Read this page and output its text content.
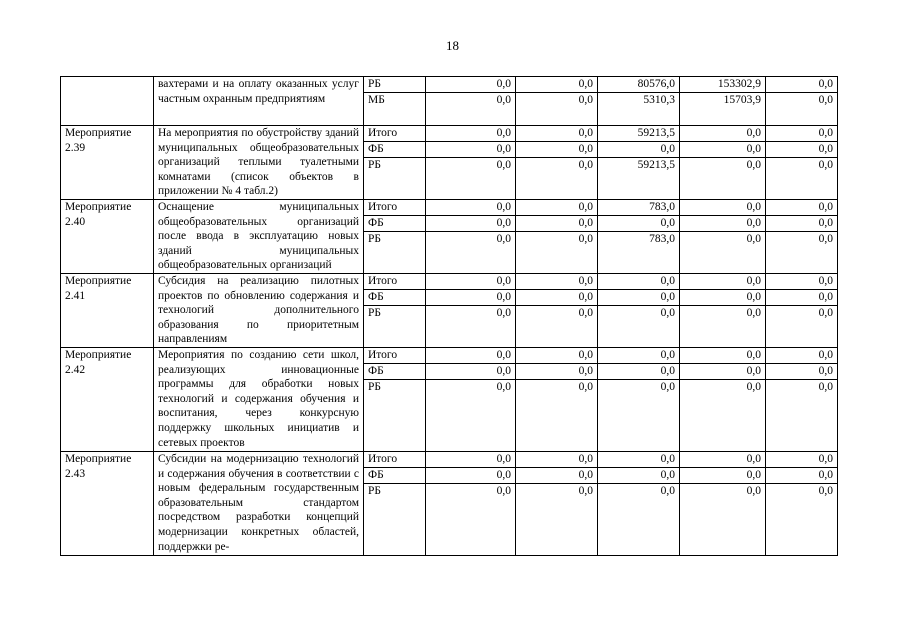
18
	вахтерами и на оплату оказанных услуг частным охранным предприятиям	РБ	0,0	0,0	80576,0	153302,9	0,0
		МБ	0,0	0,0	5310,3	15703,9	0,0
Мероприятие 2.39	На мероприятия по обустройству зданий муниципальных общеобразовательных организаций теплыми туалетными комнатами (список объектов в приложении № 4 табл.2)	Итого	0,0	0,0	59213,5	0,0	0,0
		ФБ	0,0	0,0	0,0	0,0	0,0
		РБ	0,0	0,0	59213,5	0,0	0,0
Мероприятие 2.40	Оснащение муниципальных общеобразовательных организаций после ввода в эксплуатацию новых зданий муниципальных общеобразовательных организаций	Итого	0,0	0,0	783,0	0,0	0,0
		ФБ	0,0	0,0	0,0	0,0	0,0
		РБ	0,0	0,0	783,0	0,0	0,0
Мероприятие 2.41	Субсидия на реализацию пилотных проектов по обновлению содержания и технологий дополнительного образования по приоритетным направлениям	Итого	0,0	0,0	0,0	0,0	0,0
		ФБ	0,0	0,0	0,0	0,0	0,0
		РБ	0,0	0,0	0,0	0,0	0,0
Мероприятие 2.42	Мероприятия по созданию сети школ, реализующих инновационные программы для обработки новых технологий и содержания обучения и воспитания, через конкурсную поддержку школьных инициатив и сетевых проектов	Итого	0,0	0,0	0,0	0,0	0,0
		ФБ	0,0	0,0	0,0	0,0	0,0
		РБ	0,0	0,0	0,0	0,0	0,0
Мероприятие 2.43	Субсидии на модернизацию технологий и содержания обучения в соответствии с новым федеральным государственным образовательным стандартом посредством разработки концепций модернизации конкретных областей, поддержки ре-	Итого	0,0	0,0	0,0	0,0	0,0
		ФБ	0,0	0,0	0,0	0,0	0,0
		РБ	0,0	0,0	0,0	0,0	0,0
